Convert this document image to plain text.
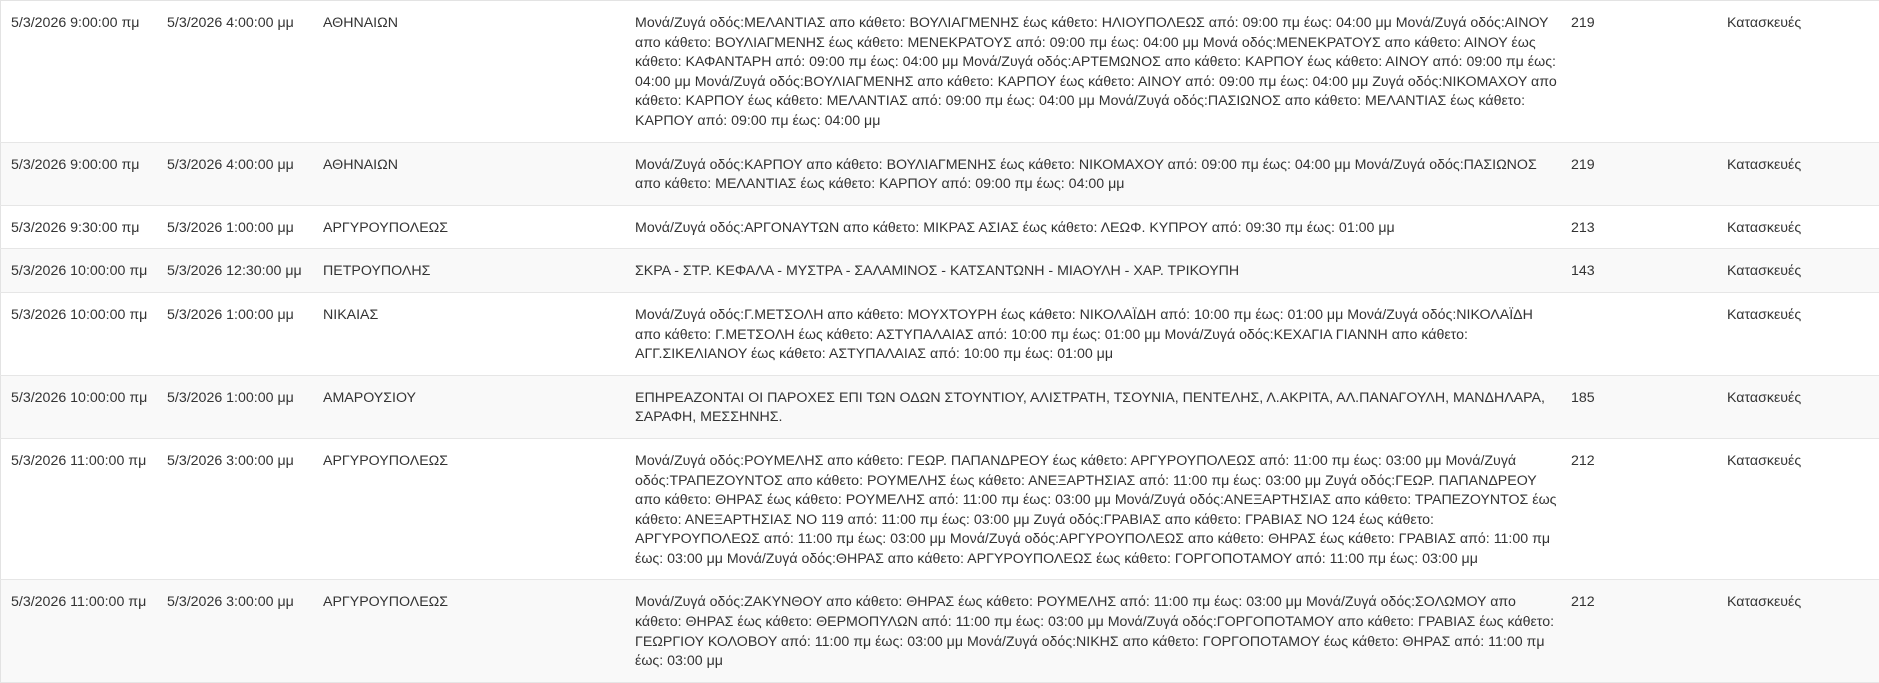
5/3/2026 9:00:00 πμ	5/3/2026 4:00:00 μμ	ΑΘΗΝΑΙΩΝ	Μονά/Ζυγά οδός:ΜΕΛΑΝΤΙΑΣ απο κάθετο: ΒΟΥΛΙΑΓΜΕΝΗΣ έως κάθετο: ΗΛΙΟΥΠΟΛΕΩΣ από: 09:00 πμ έως: 04:00 μμ Μονά/Ζυγά οδός:ΑΙΝΟΥ απο κάθετο: ΒΟΥΛΙΑΓΜΕΝΗΣ έως κάθετο: ΜΕΝΕΚΡΑΤΟΥΣ από: 09:00 πμ έως: 04:00 μμ Μονά οδός:ΜΕΝΕΚΡΑΤΟΥΣ απο κάθετο: ΑΙΝΟΥ έως κάθετο: ΚΑΦΑΝΤΑΡΗ από: 09:00 πμ έως: 04:00 μμ Μονά/Ζυγά οδός:ΑΡΤΕΜΩΝΟΣ απο κάθετο: ΚΑΡΠΟΥ έως κάθετο: ΑΙΝΟΥ από: 09:00 πμ έως: 04:00 μμ Μονά/Ζυγά οδός:ΒΟΥΛΙΑΓΜΕΝΗΣ απο κάθετο: ΚΑΡΠΟΥ έως κάθετο: ΑΙΝΟΥ από: 09:00 πμ έως: 04:00 μμ Ζυγά οδός:ΝΙΚΟΜΑΧΟΥ απο κάθετο: ΚΑΡΠΟΥ έως κάθετο: ΜΕΛΑΝΤΙΑΣ από: 09:00 πμ έως: 04:00 μμ Μονά/Ζυγά οδός:ΠΑΣΙΩΝΟΣ απο κάθετο: ΜΕΛΑΝΤΙΑΣ έως κάθετο: ΚΑΡΠΟΥ από: 09:00 πμ έως: 04:00 μμ	219	Κατασκευές
5/3/2026 9:00:00 πμ	5/3/2026 4:00:00 μμ	ΑΘΗΝΑΙΩΝ	Μονά/Ζυγά οδός:ΚΑΡΠΟΥ απο κάθετο: ΒΟΥΛΙΑΓΜΕΝΗΣ έως κάθετο: ΝΙΚΟΜΑΧΟΥ από: 09:00 πμ έως: 04:00 μμ Μονά/Ζυγά οδός:ΠΑΣΙΩΝΟΣ απο κάθετο: ΜΕΛΑΝΤΙΑΣ έως κάθετο: ΚΑΡΠΟΥ από: 09:00 πμ έως: 04:00 μμ	219	Κατασκευές
5/3/2026 9:30:00 πμ	5/3/2026 1:00:00 μμ	ΑΡΓΥΡΟΥΠΟΛΕΩΣ	Μονά/Ζυγά οδός:ΑΡΓΟΝΑΥΤΩΝ απο κάθετο: ΜΙΚΡΑΣ ΑΣΙΑΣ έως κάθετο: ΛΕΩΦ. ΚΥΠΡΟΥ από: 09:30 πμ έως: 01:00 μμ	213	Κατασκευές
5/3/2026 10:00:00 πμ	5/3/2026 12:30:00 μμ	ΠΕΤΡΟΥΠΟΛΗΣ	ΣΚΡΑ - ΣΤΡ. ΚΕΦΑΛΑ - ΜΥΣΤΡΑ - ΣΑΛΑΜΙΝΟΣ - ΚΑΤΣΑΝΤΩΝΗ - ΜΙΑΟΥΛΗ - ΧΑΡ. ΤΡΙΚΟΥΠΗ	143	Κατασκευές
5/3/2026 10:00:00 πμ	5/3/2026 1:00:00 μμ	ΝΙΚΑΙΑΣ	Μονά/Ζυγά οδός:Γ.ΜΕΤΣΟΛΗ απο κάθετο: ΜΟΥΧΤΟΥΡΗ έως κάθετο: ΝΙΚΟΛΑΪΔΗ από: 10:00 πμ έως: 01:00 μμ Μονά/Ζυγά οδός:ΝΙΚΟΛΑΪΔΗ απο κάθετο: Γ.ΜΕΤΣΟΛΗ έως κάθετο: ΑΣΤΥΠΑΛΑΙΑΣ από: 10:00 πμ έως: 01:00 μμ Μονά/Ζυγά οδός:ΚΕΧΑΓΙΑ ΓΙΑΝΝΗ απο κάθετο: ΑΓΓ.ΣΙΚΕΛΙΑΝΟΥ έως κάθετο: ΑΣΤΥΠΑΛΑΙΑΣ από: 10:00 πμ έως: 01:00 μμ		Κατασκευές
5/3/2026 10:00:00 πμ	5/3/2026 1:00:00 μμ	ΑΜΑΡΟΥΣΙΟΥ	ΕΠΗΡΕΑΖΟΝΤΑΙ ΟΙ ΠΑΡΟΧΕΣ ΕΠΙ ΤΩΝ ΟΔΩΝ ΣΤΟΥΝΤΙΟΥ, ΑΛΙΣΤΡΑΤΗ, ΤΣΟΥΝΙΑ, ΠΕΝΤΕΛΗΣ, Λ.ΑΚΡΙΤΑ, ΑΛ.ΠΑΝΑΓΟΥΛΗ, ΜΑΝΔΗΛΑΡΑ, ΣΑΡΑΦΗ, ΜΕΣΣΗΝΗΣ.	185	Κατασκευές
5/3/2026 11:00:00 πμ	5/3/2026 3:00:00 μμ	ΑΡΓΥΡΟΥΠΟΛΕΩΣ	Μονά/Ζυγά οδός:ΡΟΥΜΕΛΗΣ απο κάθετο: ΓΕΩΡ. ΠΑΠΑΝΔΡΕΟΥ έως κάθετο: ΑΡΓΥΡΟΥΠΟΛΕΩΣ από: 11:00 πμ έως: 03:00 μμ Μονά/Ζυγά οδός:ΤΡΑΠΕΖΟΥΝΤΟΣ απο κάθετο: ΡΟΥΜΕΛΗΣ έως κάθετο: ΑΝΕΞΑΡΤΗΣΙΑΣ από: 11:00 πμ έως: 03:00 μμ Ζυγά οδός:ΓΕΩΡ. ΠΑΠΑΝΔΡΕΟΥ απο κάθετο: ΘΗΡΑΣ έως κάθετο: ΡΟΥΜΕΛΗΣ από: 11:00 πμ έως: 03:00 μμ Μονά/Ζυγά οδός:ΑΝΕΞΑΡΤΗΣΙΑΣ απο κάθετο: ΤΡΑΠΕΖΟΥΝΤΟΣ έως κάθετο: ΑΝΕΞΑΡΤΗΣΙΑΣ ΝΟ 119 από: 11:00 πμ έως: 03:00 μμ Ζυγά οδός:ΓΡΑΒΙΑΣ απο κάθετο: ΓΡΑΒΙΑΣ ΝΟ 124 έως κάθετο: ΑΡΓΥΡΟΥΠΟΛΕΩΣ από: 11:00 πμ έως: 03:00 μμ Μονά/Ζυγά οδός:ΑΡΓΥΡΟΥΠΟΛΕΩΣ απο κάθετο: ΘΗΡΑΣ έως κάθετο: ΓΡΑΒΙΑΣ από: 11:00 πμ έως: 03:00 μμ Μονά/Ζυγά οδός:ΘΗΡΑΣ απο κάθετο: ΑΡΓΥΡΟΥΠΟΛΕΩΣ έως κάθετο: ΓΟΡΓΟΠΟΤΑΜΟΥ από: 11:00 πμ έως: 03:00 μμ	212	Κατασκευές
5/3/2026 11:00:00 πμ	5/3/2026 3:00:00 μμ	ΑΡΓΥΡΟΥΠΟΛΕΩΣ	Μονά/Ζυγά οδός:ΖΑΚΥΝΘΟΥ απο κάθετο: ΘΗΡΑΣ έως κάθετο: ΡΟΥΜΕΛΗΣ από: 11:00 πμ έως: 03:00 μμ Μονά/Ζυγά οδός:ΣΟΛΩΜΟΥ απο κάθετο: ΘΗΡΑΣ έως κάθετο: ΘΕΡΜΟΠΥΛΩΝ από: 11:00 πμ έως: 03:00 μμ Μονά/Ζυγά οδός:ΓΟΡΓΟΠΟΤΑΜΟΥ απο κάθετο: ΓΡΑΒΙΑΣ έως κάθετο: ΓΕΩΡΓΙΟΥ ΚΟΛΟΒΟΥ από: 11:00 πμ έως: 03:00 μμ Μονά/Ζυγά οδός:ΝΙΚΗΣ απο κάθετο: ΓΟΡΓΟΠΟΤΑΜΟΥ έως κάθετο: ΘΗΡΑΣ από: 11:00 πμ έως: 03:00 μμ	212	Κατασκευές
